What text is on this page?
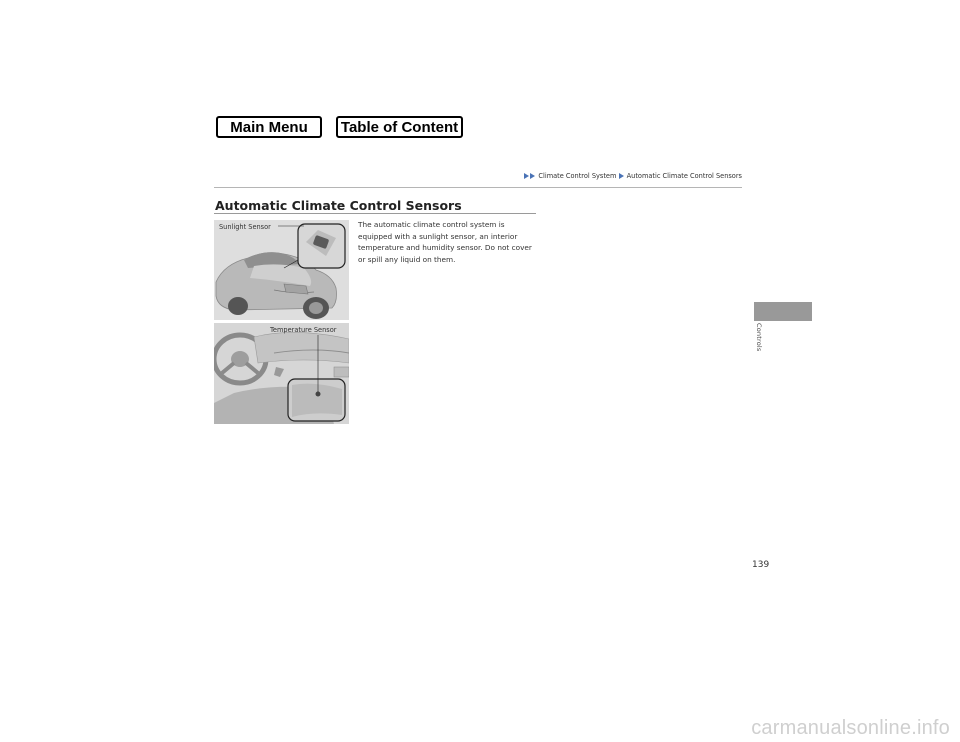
Main Menu	Table of Content
Climate Control System Automatic Climate Control Sensors
Automatic Climate Control Sensors
The automatic climate control system is equipped with a sunlight sensor, an interior temperature and humidity sensor. Do not cover or spill any liquid on them.
Sunlight Sensor
Temperature Sensor	Controls
139
carmanualsonline.info
